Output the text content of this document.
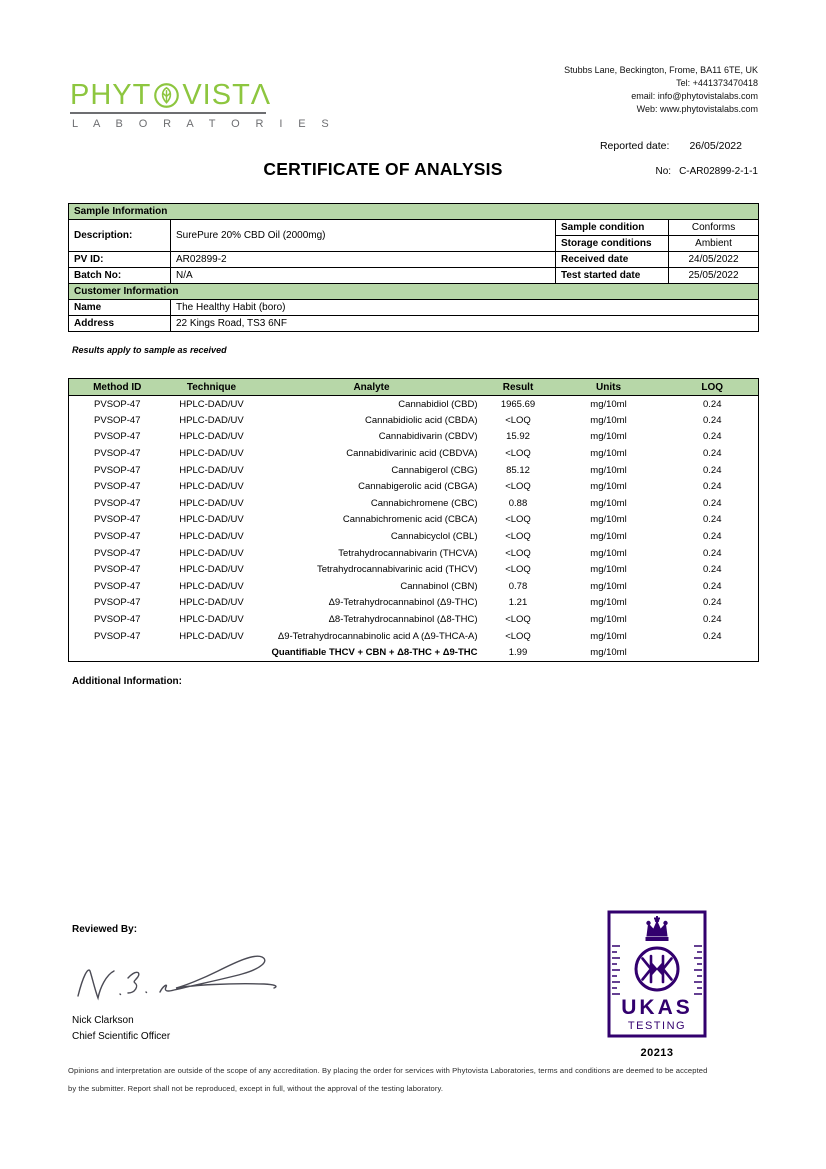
PHYT VISTΛ
L A B O R A T O R I E S
Stubbs Lane, Beckington, Frome, BA11 6TE, UK
Tel: +441373470418
email: info@phytovistalabs.com
Web: www.phytovistalabs.com
Reported date: 26/05/2022
CERTIFICATE OF ANALYSIS	No: C-AR02899-2-1-1
Sample Information			
Description:	SurePure 20% CBD Oil (2000mg)	Sample condition	Conforms
		Storage conditions	Ambient
PV ID:	AR02899-2	Received date	24/05/2022
Batch No:	N/A	Test started date	25/05/2022
Customer Information			
Name	The Healthy Habit (boro)		
Address	22 Kings Road, TS3 6NF		
Results apply to sample as received
Method ID	Technique	Analyte	Result	Units	LOQ
PVSOP-47	HPLC-DAD/UV	Cannabidiol (CBD)	1965.69	mg/10ml	0.24
PVSOP-47	HPLC-DAD/UV	Cannabidiolic acid (CBDA)	<LOQ	mg/10ml	0.24
PVSOP-47	HPLC-DAD/UV	Cannabidivarin (CBDV)	15.92	mg/10ml	0.24
PVSOP-47	HPLC-DAD/UV	Cannabidivarinic acid (CBDVA)	<LOQ	mg/10ml	0.24
PVSOP-47	HPLC-DAD/UV	Cannabigerol (CBG)	85.12	mg/10ml	0.24
PVSOP-47	HPLC-DAD/UV	Cannabigerolic acid (CBGA)	<LOQ	mg/10ml	0.24
PVSOP-47	HPLC-DAD/UV	Cannabichromene (CBC)	0.88	mg/10ml	0.24
PVSOP-47	HPLC-DAD/UV	Cannabichromenic acid (CBCA)	<LOQ	mg/10ml	0.24
PVSOP-47	HPLC-DAD/UV	Cannabicyclol (CBL)	<LOQ	mg/10ml	0.24
PVSOP-47	HPLC-DAD/UV	Tetrahydrocannabivarin (THCVA)	<LOQ	mg/10ml	0.24
PVSOP-47	HPLC-DAD/UV	Tetrahydrocannabivarinic acid (THCV)	<LOQ	mg/10ml	0.24
PVSOP-47	HPLC-DAD/UV	Cannabinol (CBN)	0.78	mg/10ml	0.24
PVSOP-47	HPLC-DAD/UV	Δ9-Tetrahydrocannabinol (Δ9-THC)	1.21	mg/10ml	0.24
PVSOP-47	HPLC-DAD/UV	Δ8-Tetrahydrocannabinol (Δ8-THC)	<LOQ	mg/10ml	0.24
PVSOP-47	HPLC-DAD/UV	Δ9-Tetrahydrocannabinolic acid A (Δ9-THCA-A)	<LOQ	mg/10ml	0.24
		Quantifiable THCV + CBN + Δ8-THC + Δ9-THC	1.99	mg/10ml	
Additional Information:
Reviewed By:
Nick Clarkson
Chief Scientific Officer
UKAS
TESTING
20213
Opinions and interpretation are outside of the scope of any accreditation. By placing the order for services with Phytovista Laboratories, terms and conditions are deemed to be accepted
by the submitter. Report shall not be reproduced, except in full, without the approval of the testing laboratory.
